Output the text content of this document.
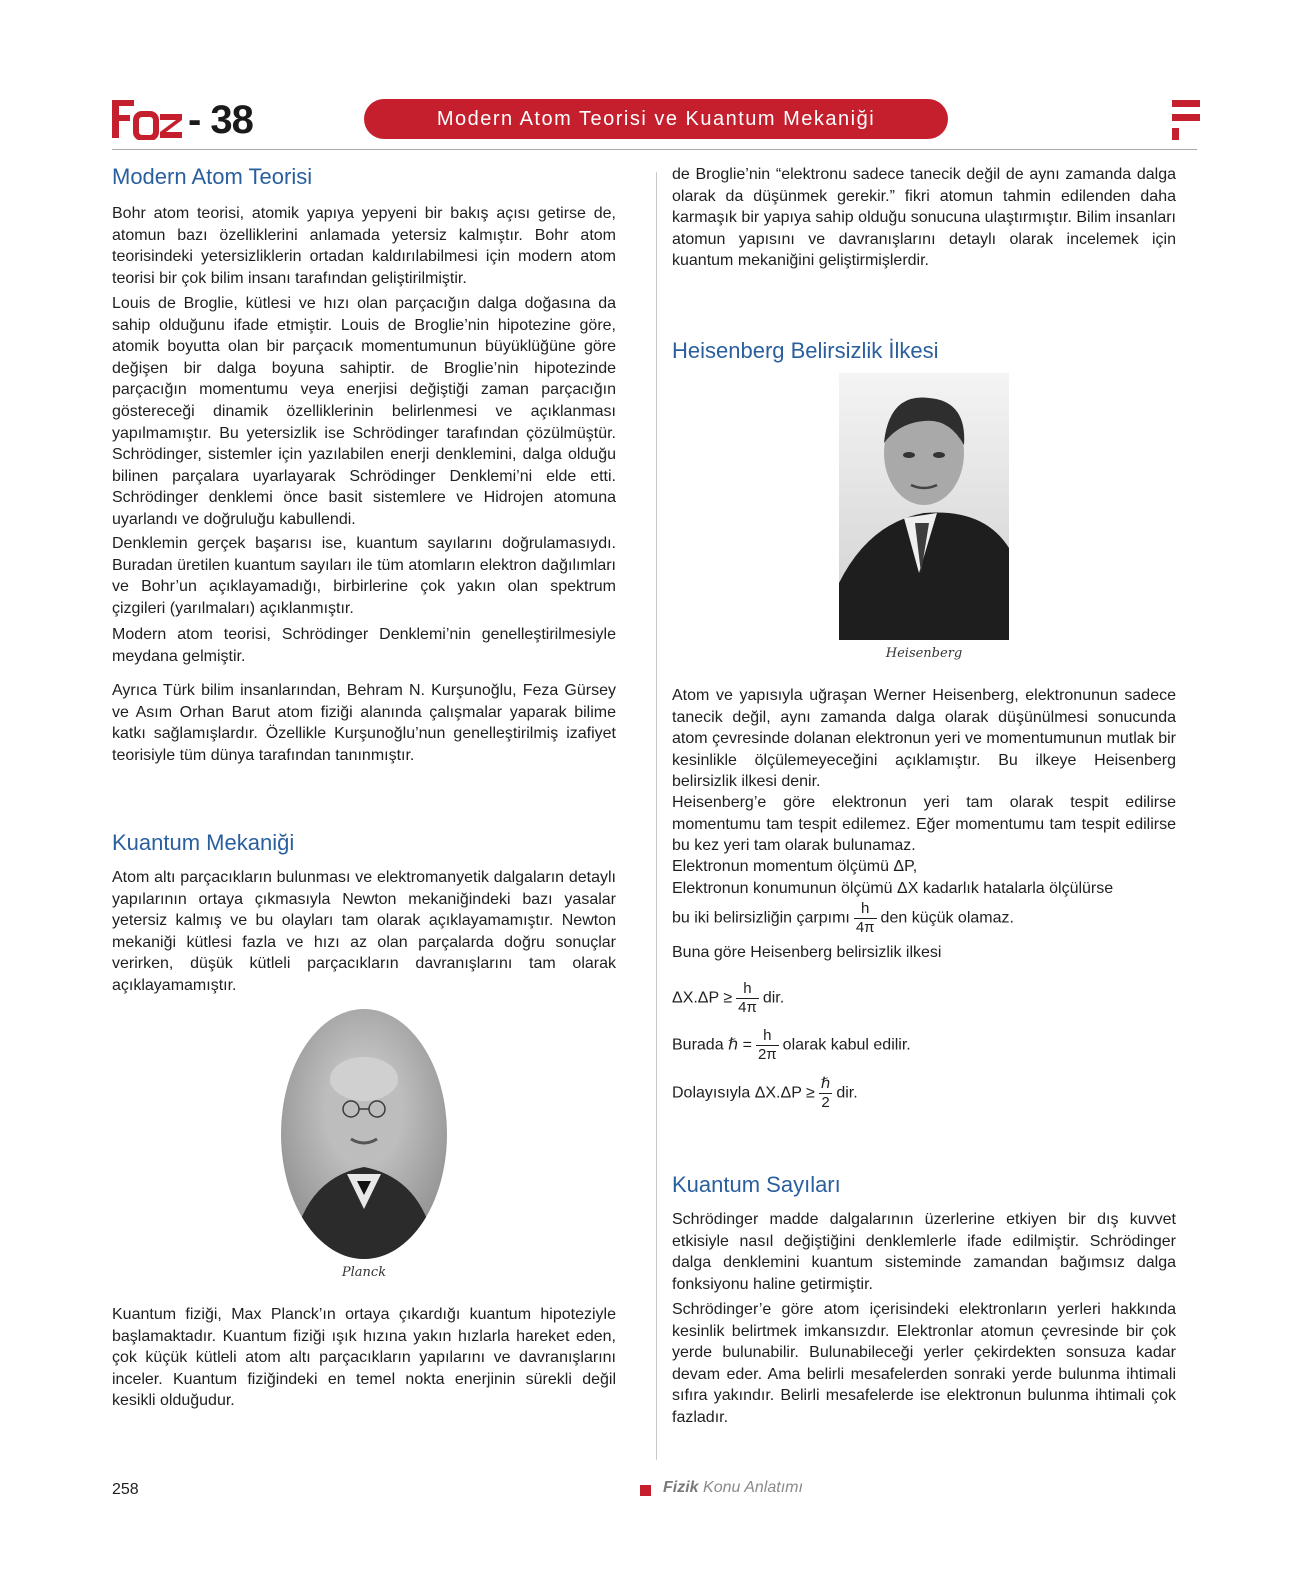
- 38	Modern Atom Teorisi ve Kuantum Mekaniği
Modern Atom Teorisi

Bohr atom teorisi, atomik yapıya yepyeni bir bakış açısı getirse de, atomun bazı özelliklerini anlamada yetersiz kalmıştır. Bohr atom teorisindeki yetersizliklerin ortadan kaldırılabilmesi için modern atom teorisi bir çok bilim insanı tarafından geliştirilmiştir.

Louis de Broglie, kütlesi ve hızı olan parçacığın dalga doğasına da sahip olduğunu ifade etmiştir. Louis de Broglie’nin hipotezine göre, atomik boyutta olan bir parçacık momentumunun büyüklüğüne göre değişen bir dalga boyuna sahiptir. de Broglie’nin hipotezinde parçacığın momentumu veya enerjisi değiştiği zaman parçacığın göstereceği dinamik özelliklerinin belirlenmesi ve açıklanması yapılmamıştır. Bu yetersizlik ise Schrödinger tarafından çözülmüştür. Schrödinger, sistemler için yazılabilen enerji denklemini, dalga olduğu bilinen parçalara uyarlayarak Schrödinger Denklemi’ni elde etti. Schrödinger denklemi önce basit sistemlere ve Hidrojen atomuna uyarlandı ve doğruluğu kabullendi.

Denklemin gerçek başarısı ise, kuantum sayılarını doğrulamasıydı. Buradan üretilen kuantum sayıları ile tüm atomların elektron dağılımları ve Bohr’un açıklayamadığı, birbirlerine çok yakın olan spektrum çizgileri (yarılmaları) açıklanmıştır.

Modern atom teorisi, Schrödinger Denklemi’nin genelleştirilmesiyle meydana gelmiştir.

Ayrıca Türk bilim insanlarından, Behram N. Kurşunoğlu, Feza Gürsey ve Asım Orhan Barut atom fiziği alanında çalışmalar yaparak bilime katkı sağlamışlardır. Özellikle Kurşunoğlu’nun genelleştirilmiş izafiyet teorisiyle tüm dünya tarafından tanınmıştır.

Kuantum Mekaniği

Atom altı parçacıkların bulunması ve elektromanyetik dalgaların detaylı yapılarının ortaya çıkmasıyla Newton mekaniğindeki bazı yasalar yetersiz kalmış ve bu olayları tam olarak açıklayamamıştır. Newton mekaniği kütlesi fazla ve hızı az olan parçalarda doğru sonuçlar verirken, düşük kütleli parçacıkların davranışlarını tam olarak açıklayamamıştır.

Planck

Kuantum fiziği, Max Planck’ın ortaya çıkardığı kuantum hipoteziyle başlamaktadır. Kuantum fiziği ışık hızına yakın hızlarla hareket eden, çok küçük kütleli atom altı parçacıkların yapılarını ve davranışlarını inceler. Kuantum fiziğindeki en temel nokta enerjinin sürekli değil kesikli olduğudur.

de Broglie’nin “elektronu sadece tanecik değil de aynı zamanda dalga olarak da düşünmek gerekir.” fikri atomun tahmin edilenden daha karmaşık bir yapıya sahip olduğu sonucuna ulaştırmıştır. Bilim insanları atomun yapısını ve davranışlarını detaylı olarak incelemek için kuantum mekaniğini geliştirmişlerdir.

Heisenberg Belirsizlik İlkesi
Heisenberg

Atom ve yapısıyla uğraşan Werner Heisenberg, elektronunun sadece tanecik değil, aynı zamanda dalga olarak düşünülmesi sonucunda atom çevresinde dolanan elektronun yeri ve momentumunun mutlak bir kesinlikle ölçülemeyeceğini açıklamıştır. Bu ilkeye Heisenberg belirsizlik ilkesi denir.

Heisenberg’e göre elektronun yeri tam olarak tespit edilirse momentumu tam tespit edilemez. Eğer momentumu tam tespit edilirse bu kez yeri tam olarak bulunamaz.

Elektronun momentum ölçümü ΔP,
Elektronun konumunun ölçümü ΔX kadarlık hatalarla ölçülürse
bu iki belirsizliğin çarpımı $\frac{h}{4\pi}$ den küçük olamaz.
Buna göre Heisenberg belirsizlik ilkesi
$\Delta X.\Delta P \ge \frac{h}{4\pi}$ dir.
Burada ℏ = $\frac{h}{2\pi}$ olarak kabul edilir.
Dolayısıyla $\Delta X.\Delta P \ge \frac{\text{ℏ}}{2}$ dir.
Kuantum Sayıları

Schrödinger madde dalgalarının üzerlerine etkiyen bir dış kuvvet etkisiyle nasıl değiştiğini denklemlerle ifade edilmiştir. Schrödinger dalga denklemini kuantum sisteminde zamandan bağımsız dalga fonksiyonu haline getirmiştir.

Schrödinger’e göre atom içerisindeki elektronların yerleri hakkında kesinlik belirtmek imkansızdır. Elektronlar atomun çevresinde bir çok yerde bulunabilir. Bulunabileceği yerler çekirdekten sonsuza kadar devam eder. Ama belirli mesafelerden sonraki yerde bulunma ihtimali sıfıra yakındır. Belirli mesafelerde ise elektronun bulunma ihtimali çok fazladır.

258	Fizik Konu Anlatımı
